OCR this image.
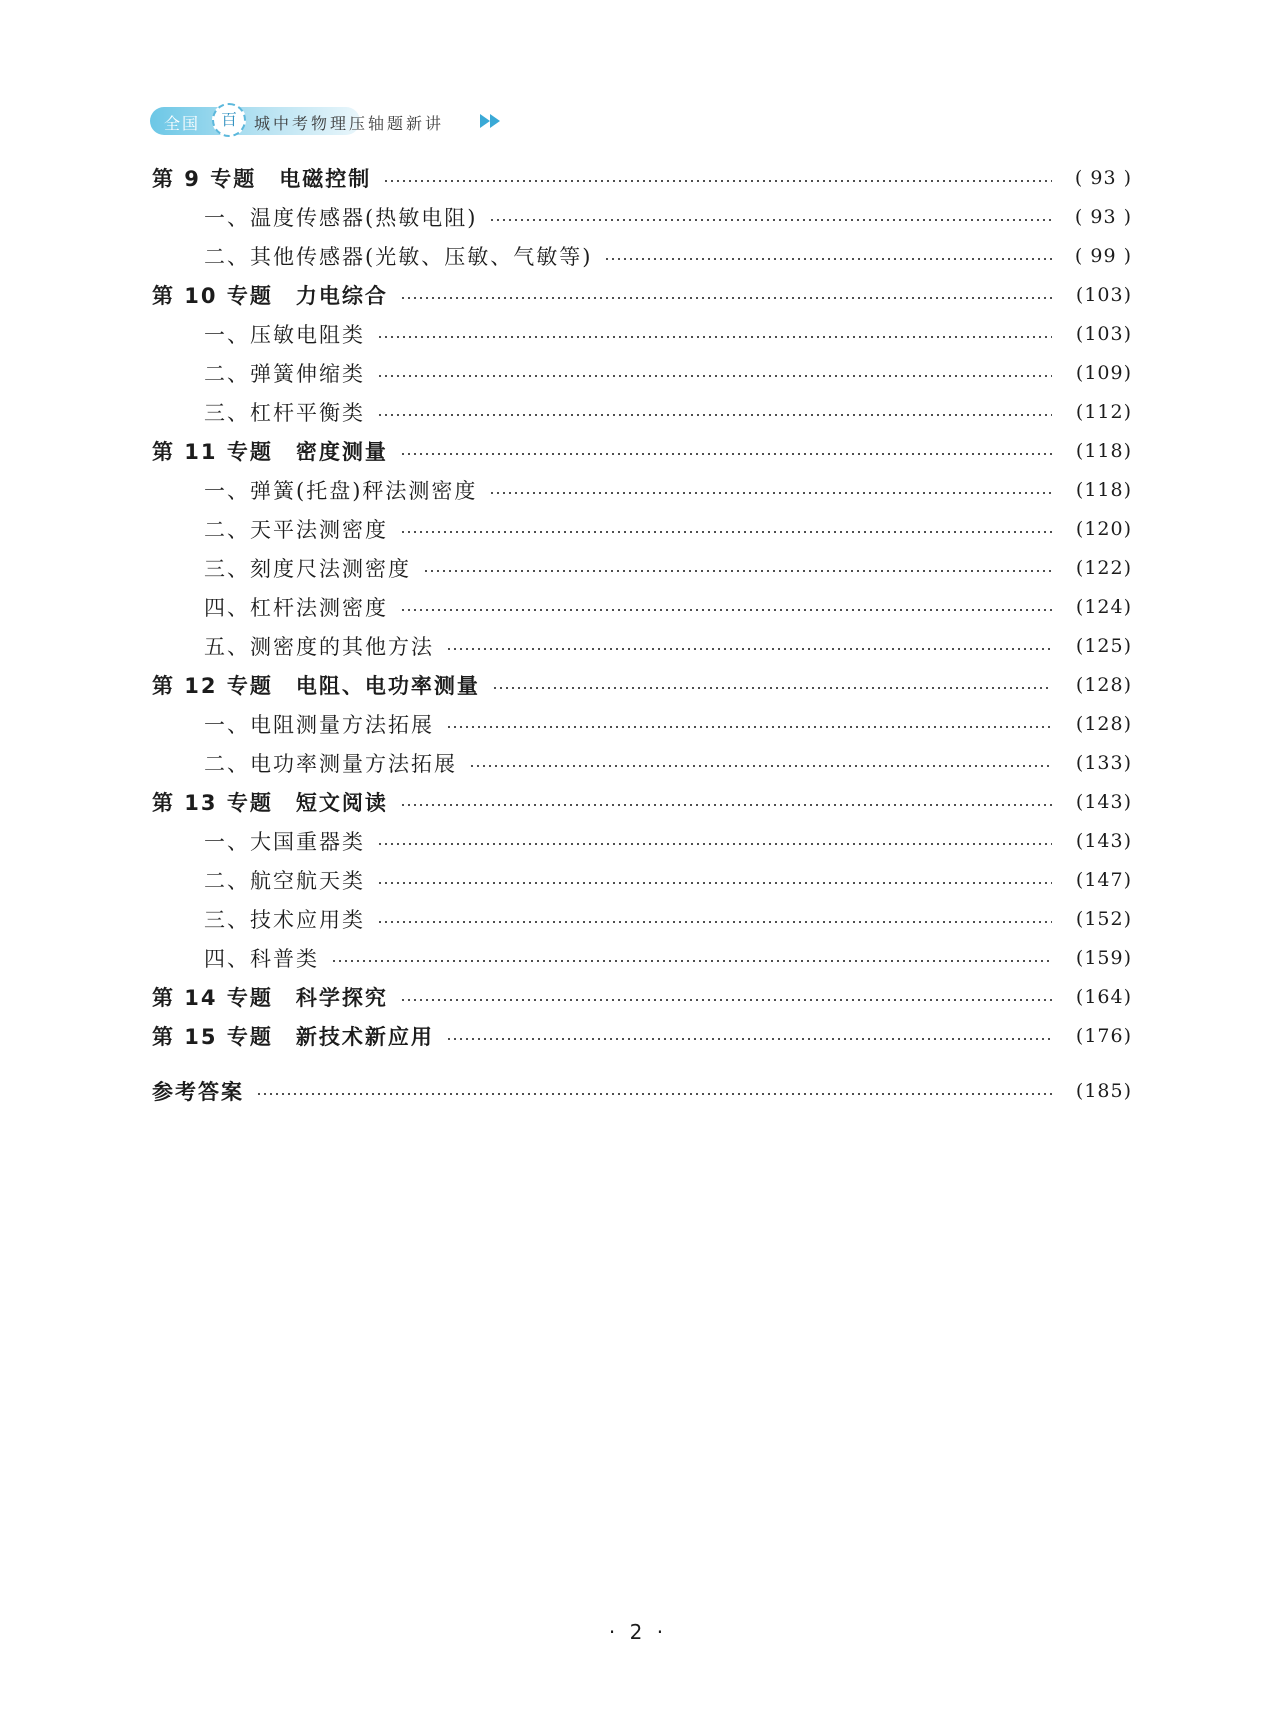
全国	百	城中考物理压轴题新讲
第 9 专题　电磁控制	( 93 )
一、温度传感器(热敏电阻)	( 93 )
二、其他传感器(光敏、压敏、气敏等)	( 99 )
第 10 专题　力电综合	(103)
一、压敏电阻类	(103)
二、弹簧伸缩类	(109)
三、杠杆平衡类	(112)
第 11 专题　密度测量	(118)
一、弹簧(托盘)秤法测密度	(118)
二、天平法测密度	(120)
三、刻度尺法测密度	(122)
四、杠杆法测密度	(124)
五、测密度的其他方法	(125)
第 12 专题　电阻、电功率测量	(128)
一、电阻测量方法拓展	(128)
二、电功率测量方法拓展	(133)
第 13 专题　短文阅读	(143)
一、大国重器类	(143)
二、航空航天类	(147)
三、技术应用类	(152)
四、科普类	(159)
第 14 专题　科学探究	(164)
第 15 专题　新技术新应用	(176)
参考答案	(185)
· 2 ·
